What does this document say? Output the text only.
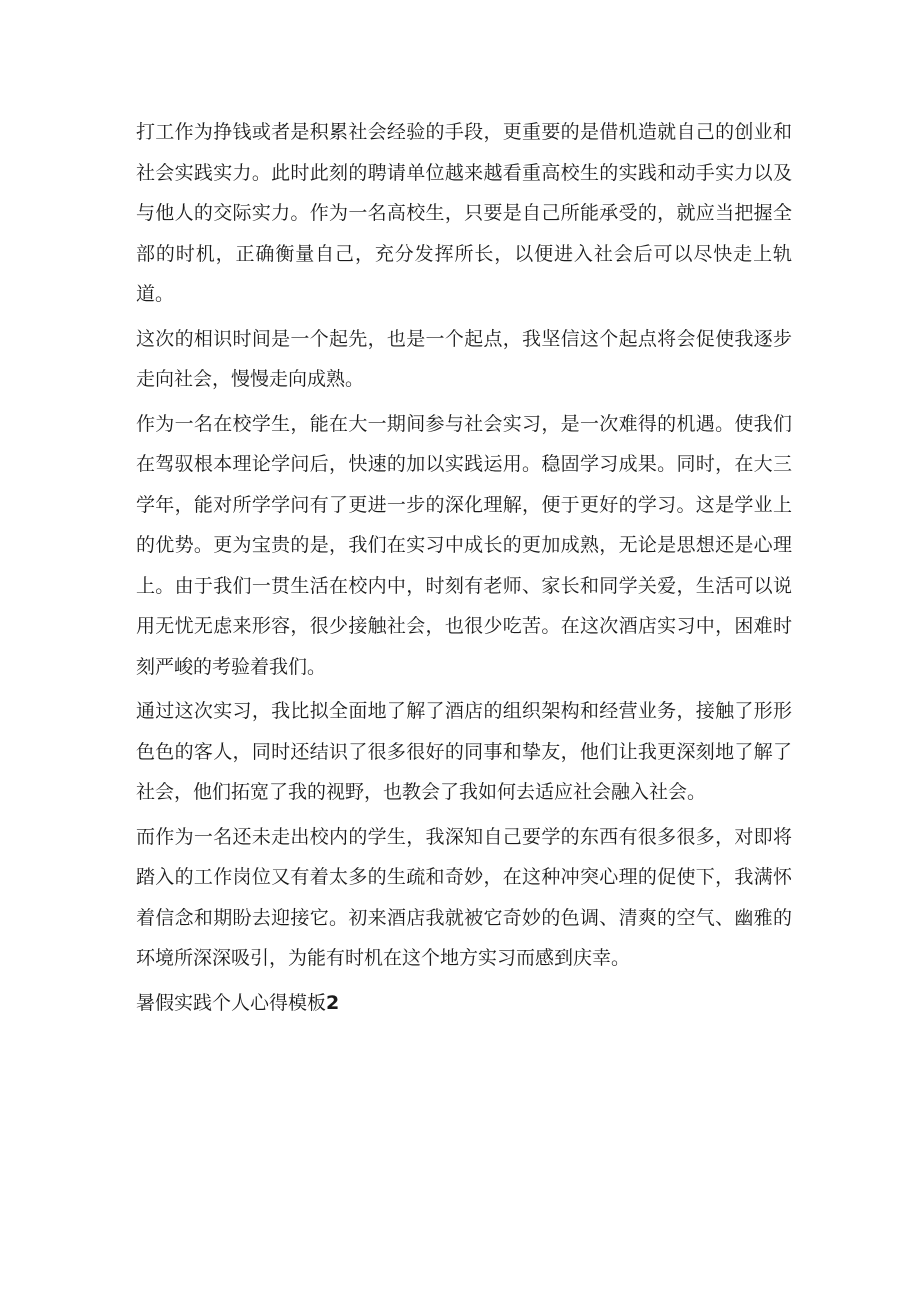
打工作为挣钱或者是积累社会经验的手段，更重要的是借机造就自己的创业和社会实践实力。此时此刻的聘请单位越来越看重高校生的实践和动手实力以及与他人的交际实力。作为一名高校生，只要是自己所能承受的，就应当把握全部的时机，正确衡量自己，充分发挥所长，以便进入社会后可以尽快走上轨道。

这次的相识时间是一个起先，也是一个起点，我坚信这个起点将会促使我逐步走向社会，慢慢走向成熟。

作为一名在校学生，能在大一期间参与社会实习，是一次难得的机遇。使我们在驾驭根本理论学问后，快速的加以实践运用。稳固学习成果。同时，在大三学年，能对所学学问有了更进一步的深化理解，便于更好的学习。这是学业上的优势。更为宝贵的是，我们在实习中成长的更加成熟，无论是思想还是心理上。由于我们一贯生活在校内中，时刻有老师、家长和同学关爱，生活可以说用无忧无虑来形容，很少接触社会，也很少吃苦。在这次酒店实习中，困难时刻严峻的考验着我们。

通过这次实习，我比拟全面地了解了酒店的组织架构和经营业务，接触了形形色色的客人，同时还结识了很多很好的同事和挚友，他们让我更深刻地了解了社会，他们拓宽了我的视野，也教会了我如何去适应社会融入社会。

而作为一名还未走出校内的学生，我深知自己要学的东西有很多很多，对即将踏入的工作岗位又有着太多的生疏和奇妙，在这种冲突心理的促使下，我满怀着信念和期盼去迎接它。初来酒店我就被它奇妙的色调、清爽的空气、幽雅的环境所深深吸引，为能有时机在这个地方实习而感到庆幸。

暑假实践个人心得模板2
